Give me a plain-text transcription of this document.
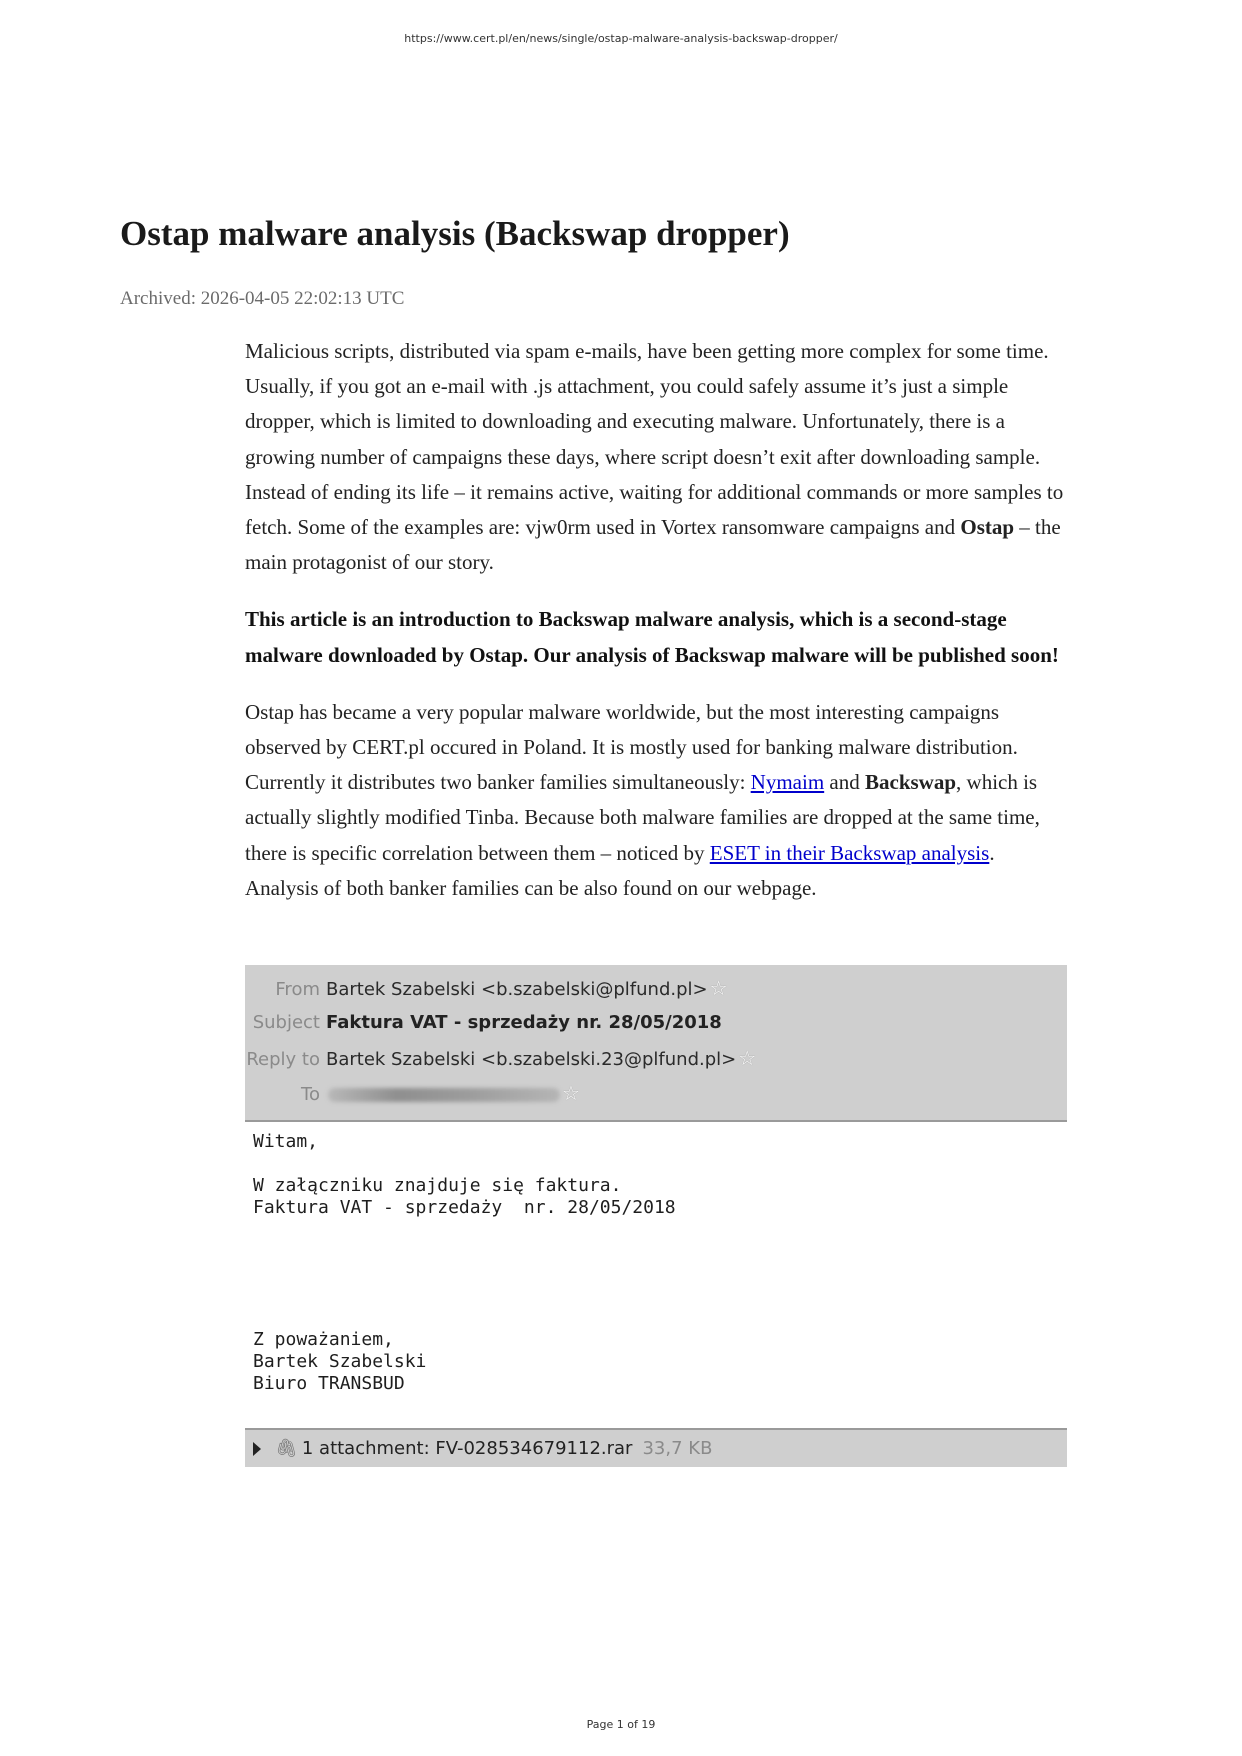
https://www.cert.pl/en/news/single/ostap-malware-analysis-backswap-dropper/
Ostap malware analysis (Backswap dropper)
Archived: 2026-04-05 22:02:13 UTC

Malicious scripts, distributed via spam e-mails, have been getting more complex for some time. Usually, if you got an e-mail with .js attachment, you could safely assume it’s just a simple dropper, which is limited to downloading and executing malware. Unfortunately, there is a growing number of campaigns these days, where script doesn’t exit after downloading sample. Instead of ending its life – it remains active, waiting for additional commands or more samples to fetch. Some of the examples are: vjw0rm used in Vortex ransomware campaigns and Ostap – the main protagonist of our story.

This article is an introduction to Backswap malware analysis, which is a second-stage malware downloaded by Ostap. Our analysis of Backswap malware will be published soon!

Ostap has became a very popular malware worldwide, but the most interesting campaigns observed by CERT.pl occured in Poland. It is mostly used for banking malware distribution. Currently it distributes two banker families simultaneously: Nymaim and Backswap, which is actually slightly modified Tinba. Because both malware families are dropped at the same time, there is specific correlation between them – noticed by ESET in their Backswap analysis. Analysis of both banker families can be also found on our webpage.

From Bartek Szabelski <b.szabelski@plfund.pl> ☆
Subject Faktura VAT - sprzedaży nr. 28/05/2018
Reply to Bartek Szabelski <b.szabelski.23@plfund.pl> ☆
To	☆
Witam,

W załączniku znajduje się faktura.
Faktura VAT - sprzedaży  nr. 28/05/2018

Z poważaniem,
Bartek Szabelski
Biuro TRANSBUD
🖇 1 attachment: FV-028534679112.rar 33,7 KB
Page 1 of 19
